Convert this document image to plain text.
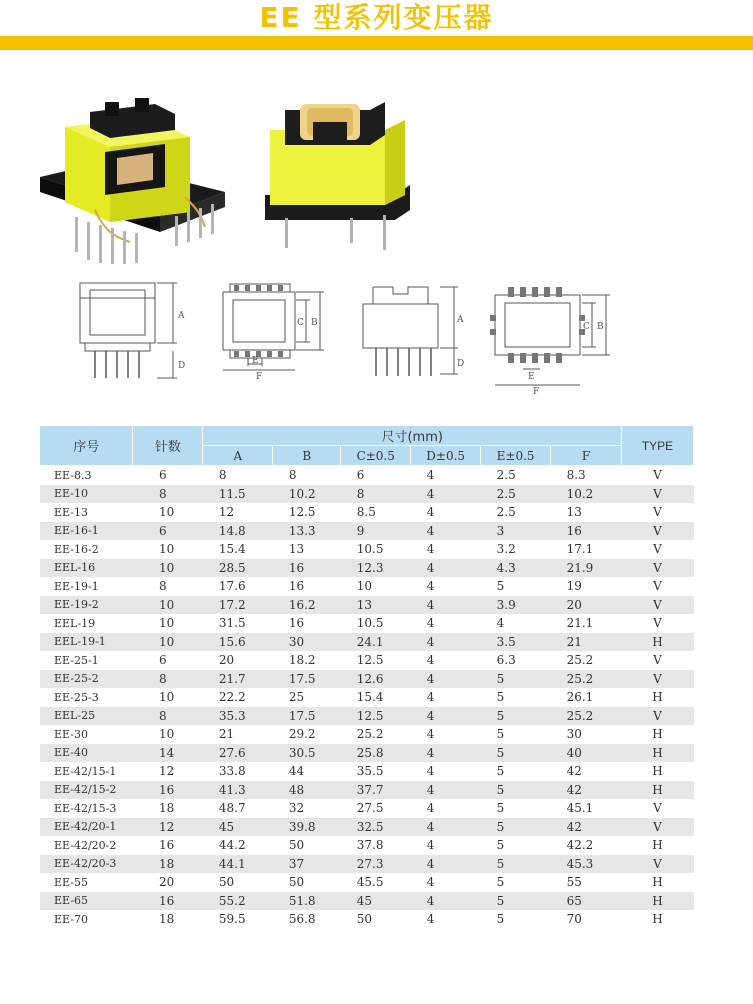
EE 型系列变压器
A
D
C B
E
F
A
D
C B
E
F
序号	针数	尺寸(mm)						TYPE
		A	B	C±0.5	D±0.5	E±0.5	F	
EE-8.3	6	8	8	6	4	2.5	8.3	V
EE-10	8	11.5	10.2	8	4	2.5	10.2	V
EE-13	10	12	12.5	8.5	4	2.5	13	V
EE-16-1	6	14.8	13.3	9	4	3	16	V
EE-16-2	10	15.4	13	10.5	4	3.2	17.1	V
EEL-16	10	28.5	16	12.3	4	4.3	21.9	V
EE-19-1	8	17.6	16	10	4	5	19	V
EE-19-2	10	17.2	16.2	13	4	3.9	20	V
EEL-19	10	31.5	16	10.5	4	4	21.1	V
EEL-19-1	10	15.6	30	24.1	4	3.5	21	H
EE-25-1	6	20	18.2	12.5	4	6.3	25.2	V
EE-25-2	8	21.7	17.5	12.6	4	5	25.2	V
EE-25-3	10	22.2	25	15.4	4	5	26.1	H
EEL-25	8	35.3	17.5	12.5	4	5	25.2	V
EE-30	10	21	29.2	25.2	4	5	30	H
EE-40	14	27.6	30.5	25.8	4	5	40	H
EE-42/15-1	12	33.8	44	35.5	4	5	42	H
EE-42/15-2	16	41.3	48	37.7	4	5	42	H
EE-42/15-3	18	48.7	32	27.5	4	5	45.1	V
EE-42/20-1	12	45	39.8	32.5	4	5	42	V
EE-42/20-2	16	44.2	50	37.8	4	5	42.2	H
EE-42/20-3	18	44.1	37	27.3	4	5	45.3	V
EE-55	20	50	50	45.5	4	5	55	H
EE-65	16	55.2	51.8	45	4	5	65	H
EE-70	18	59.5	56.8	50	4	5	70	H
